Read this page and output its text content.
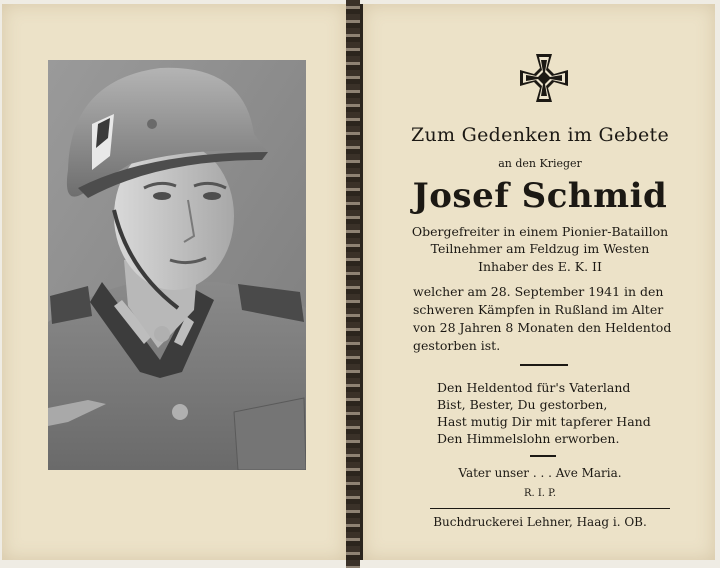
Zum Gedenken im Gebete
an den Krieger
Josef Schmid
Obergefreiter in einem Pionier-Bataillon
Teilnehmer am Feldzug im Westen
Inhaber des E. K. II
welcher am 28. September 1941 in den
schweren Kämpfen in Rußland im Alter
von 28 Jahren 8 Monaten den Heldentod
gestorben ist.
Den Heldentod für's Vaterland
Bist, Bester, Du gestorben,
Hast mutig Dir mit tapferer Hand
Den Himmelslohn erworben.
Vater unser . . . Ave Maria.
R. I. P.
Buchdruckerei Lehner, Haag i. OB.
